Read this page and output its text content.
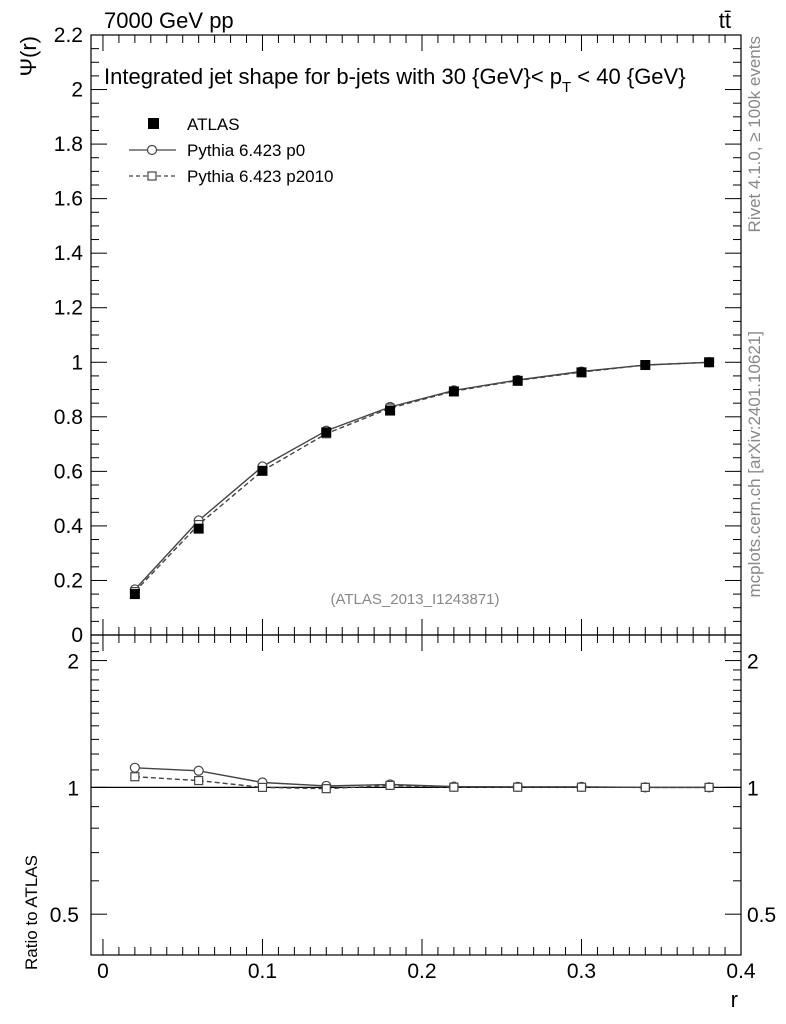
7000 GeV pp	tt̄
Integrated jet shape for b-jets with 30 $\{GeV\}< p_T < 40$ {GeV}
Ψ(r)
Ratio to ATLAS
r
(ATLAS_2013_I1243871)
Rivet 4.1.0, ≥ 100k events
mcplots.cern.ch [arXiv:2401.10621]
ATLAS
Pythia 6.423 p0
Pythia 6.423 p2010
0
0.2
0.4
0.6
0.8
1
1.2
1.4
1.6
1.8
2
2.2
0	0.1	0.2	0.3	0.4
0.5	0.5
1	1
2	2
